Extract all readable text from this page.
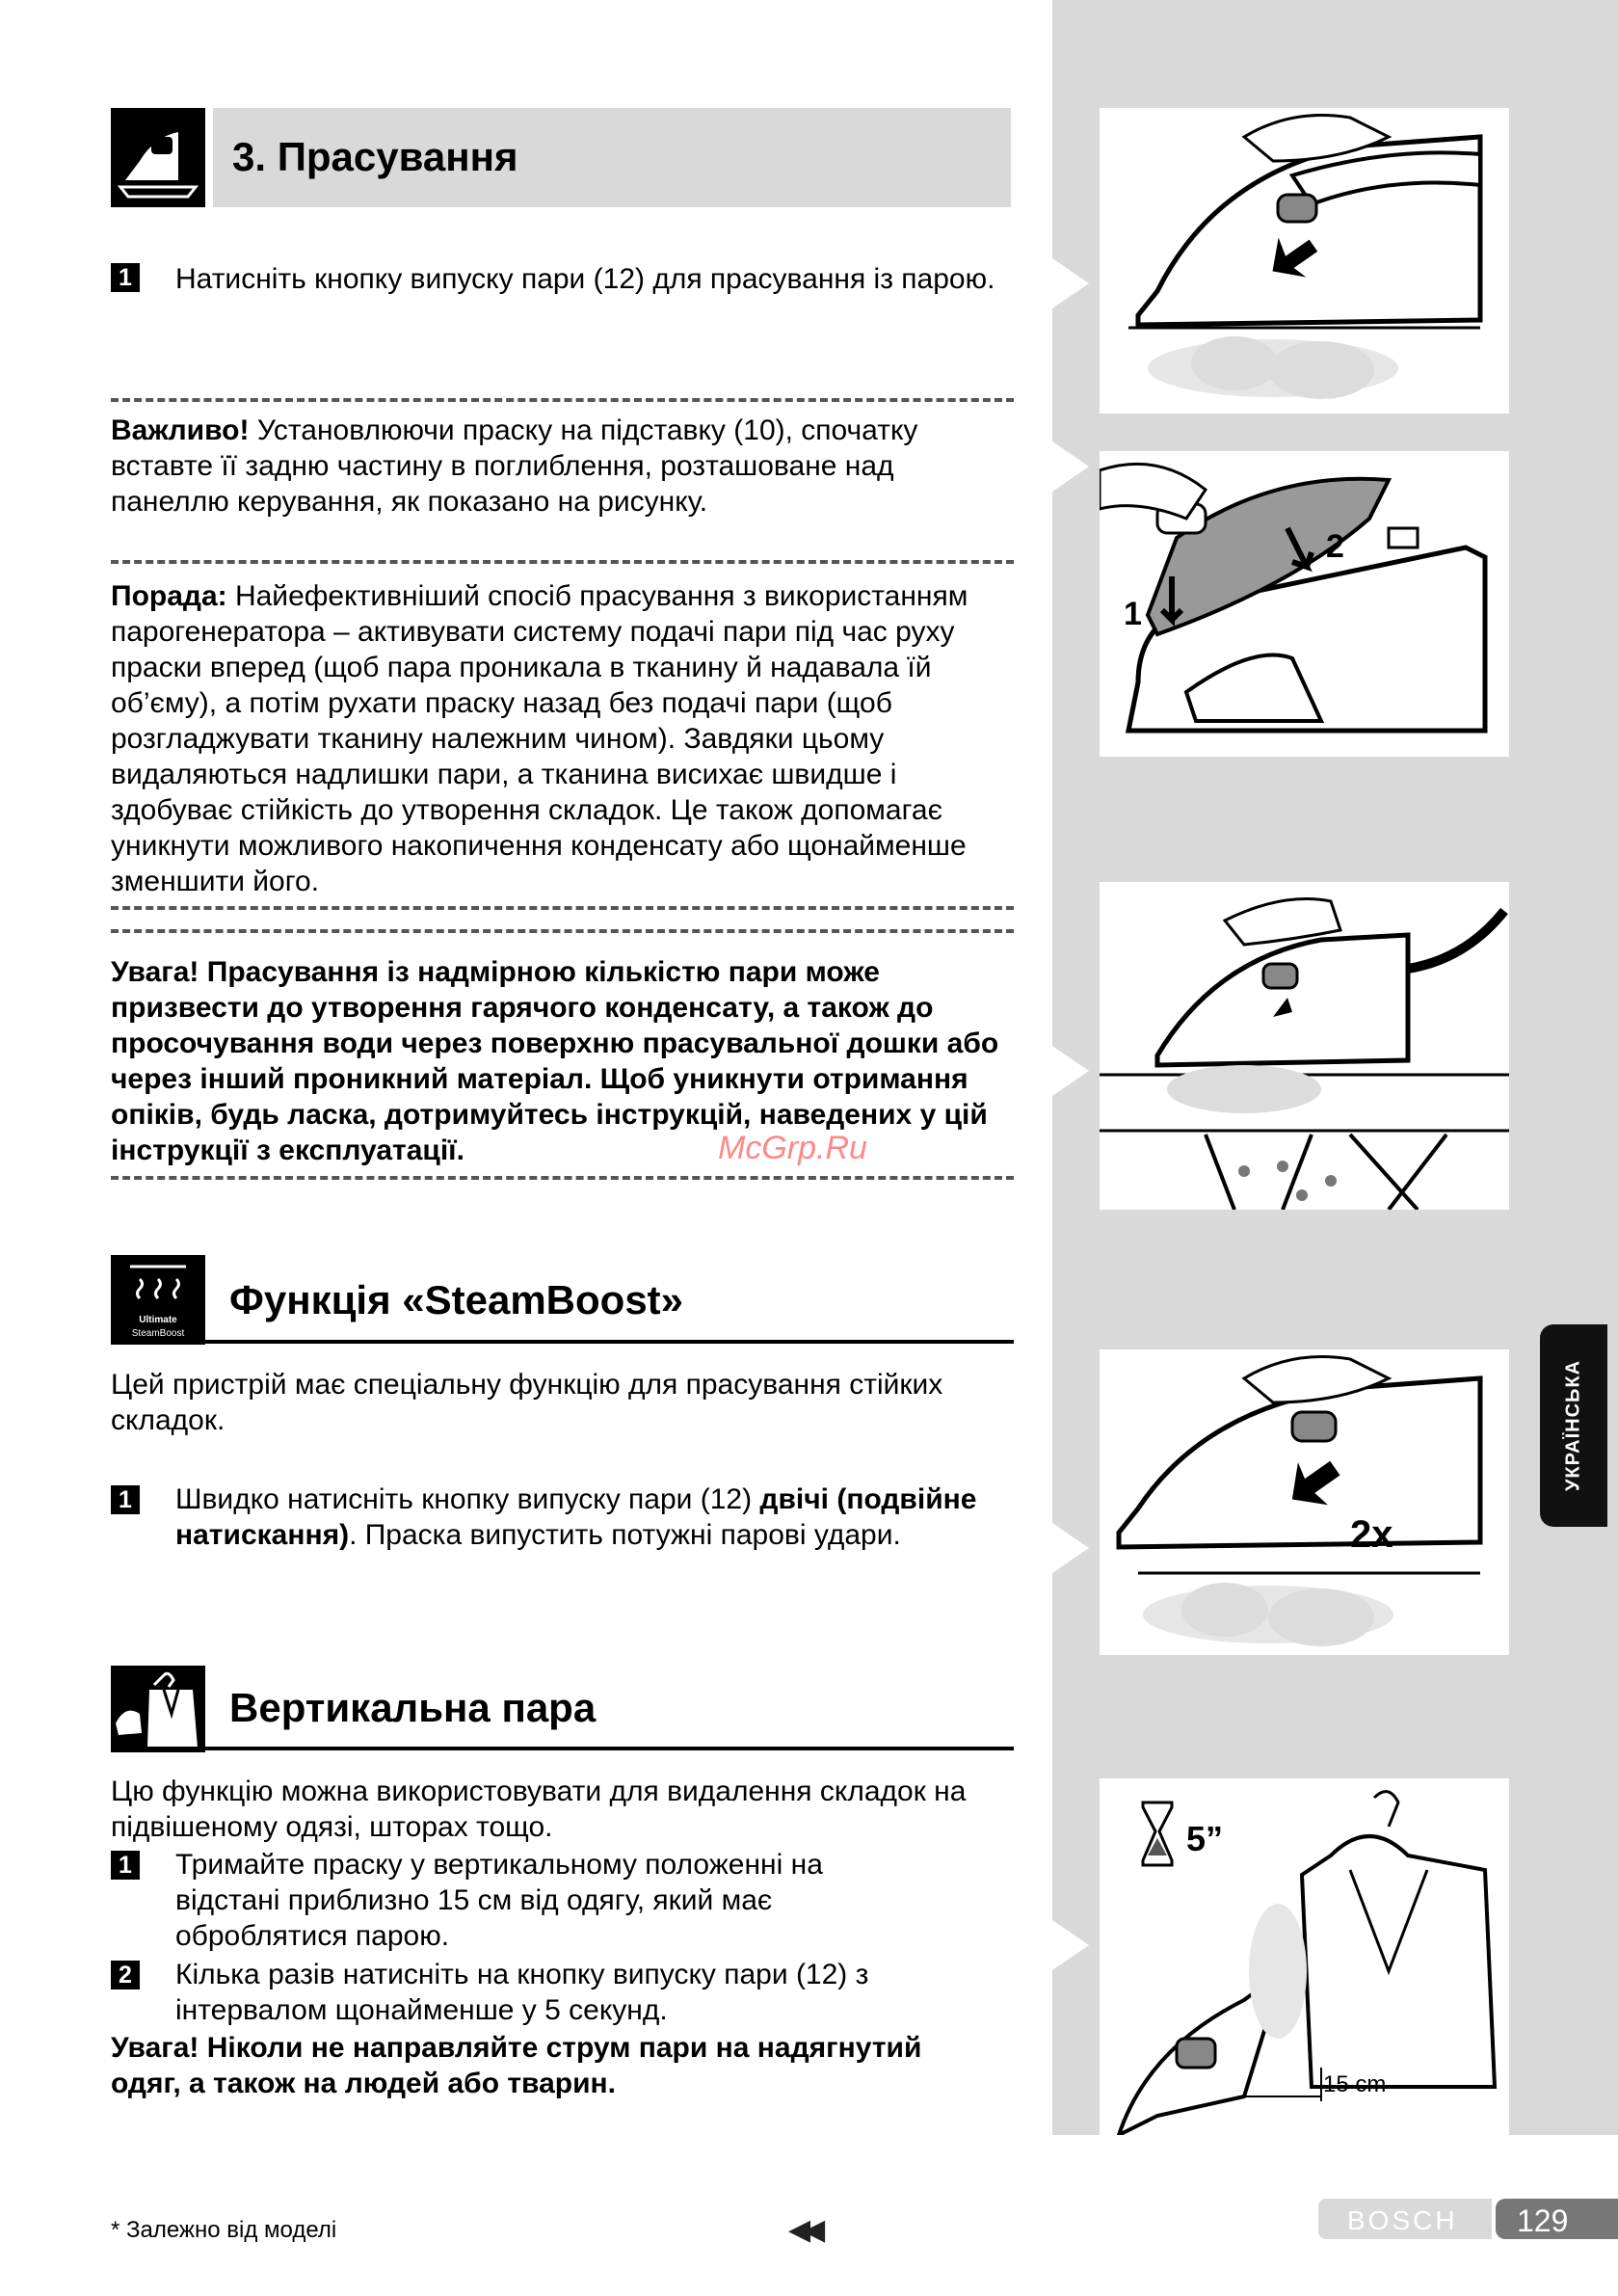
1
2
2x
5”
15 cm
УКРАЇНСЬКА
3. Прасування
1 Натисніть кнопку випуску пари (12) для прасування із парою.
Важливо! Установлюючи праску на підставку (10), спочатку вставте її задню частину в поглиблення, розташоване над панеллю керування, як показано на рисунку.
Порада: Найефективніший спосіб прасування з використанням парогенератора – активувати систему подачі пари під час руху праски вперед (щоб пара проникала в тканину й надавала їй об’єму), а потім рухати праску назад без подачі пари (щоб розгладжувати тканину належним чином). Завдяки цьому видаляються надлишки пари, а тканина висихає швидше і здобуває стійкість до утворення складок. Це також допомагає уникнути можливого накопичення конденсату або щонайменше зменшити його.
Увага! Прасування із надмірною кількістю пари може призвести до утворення гарячого конденсату, а також до просочування води через поверхню прасувальної дошки або через інший проникний матеріал. Щоб уникнути отримання опіків, будь ласка, дотримуйтесь інструкцій, наведених у цій інструкції з експлуатації.	McGrp.Ru
Ultimate
SteamBoost
Функція «SteamBoost»
Цей пристрій має спеціальну функцію для прасування стійких складок.
1 Швидко натисніть кнопку випуску пари (12) двічі (подвійне натискання). Праска випустить потужні парові удари.
Вертикальна пара
Цю функцію можна використовувати для видалення складок на підвішеному одязі, шторах тощо.
1 Тримайте праску у вертикальному положенні на відстані приблизно 15 см від одягу, який має оброблятися парою.
2 Кілька разів натисніть на кнопку випуску пари (12) з інтервалом щонайменше у 5 секунд.
Увага! Ніколи не направляйте струм пари на надягнутий одяг, а також на людей або тварин.
* Залежно від моделі	◀◀	BOSCH 129
